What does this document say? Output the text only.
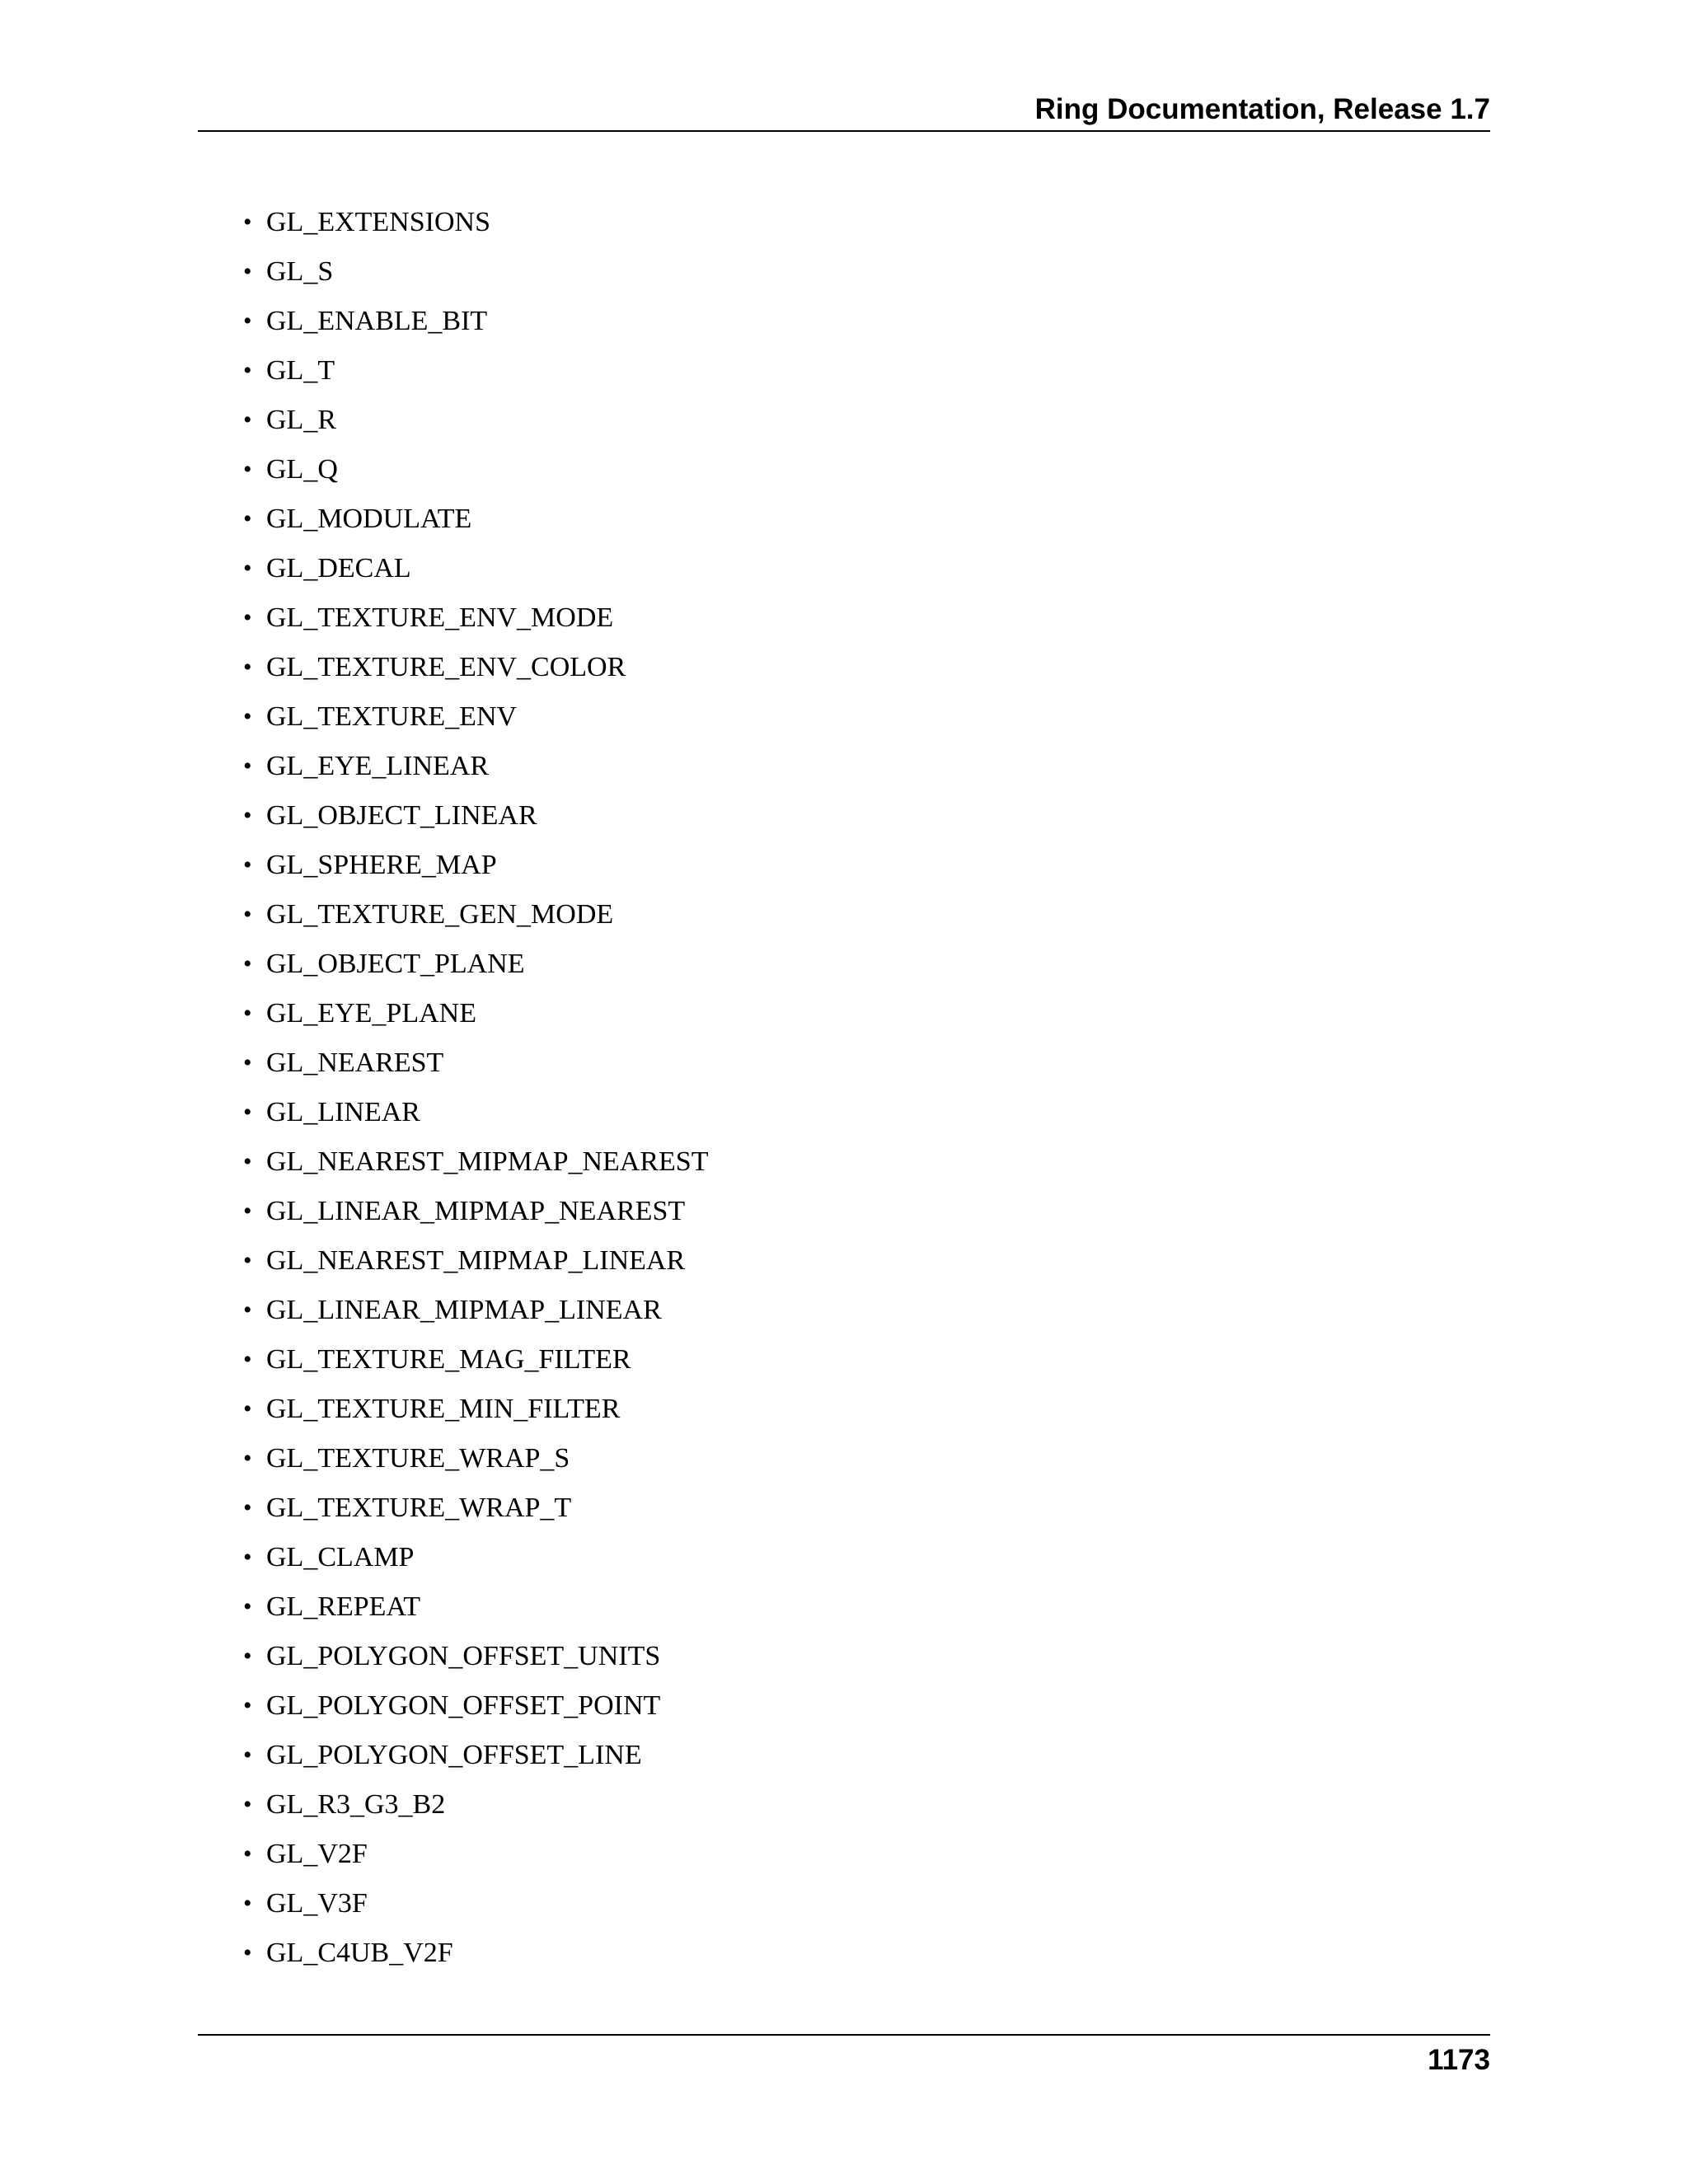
Ring Documentation, Release 1.7
• GL_EXTENSIONS
• GL_S
• GL_ENABLE_BIT
• GL_T
• GL_R
• GL_Q
• GL_MODULATE
• GL_DECAL
• GL_TEXTURE_ENV_MODE
• GL_TEXTURE_ENV_COLOR
• GL_TEXTURE_ENV
• GL_EYE_LINEAR
• GL_OBJECT_LINEAR
• GL_SPHERE_MAP
• GL_TEXTURE_GEN_MODE
• GL_OBJECT_PLANE
• GL_EYE_PLANE
• GL_NEAREST
• GL_LINEAR
• GL_NEAREST_MIPMAP_NEAREST
• GL_LINEAR_MIPMAP_NEAREST
• GL_NEAREST_MIPMAP_LINEAR
• GL_LINEAR_MIPMAP_LINEAR
• GL_TEXTURE_MAG_FILTER
• GL_TEXTURE_MIN_FILTER
• GL_TEXTURE_WRAP_S
• GL_TEXTURE_WRAP_T
• GL_CLAMP
• GL_REPEAT
• GL_POLYGON_OFFSET_UNITS
• GL_POLYGON_OFFSET_POINT
• GL_POLYGON_OFFSET_LINE
• GL_R3_G3_B2
• GL_V2F
• GL_V3F
• GL_C4UB_V2F
1173
